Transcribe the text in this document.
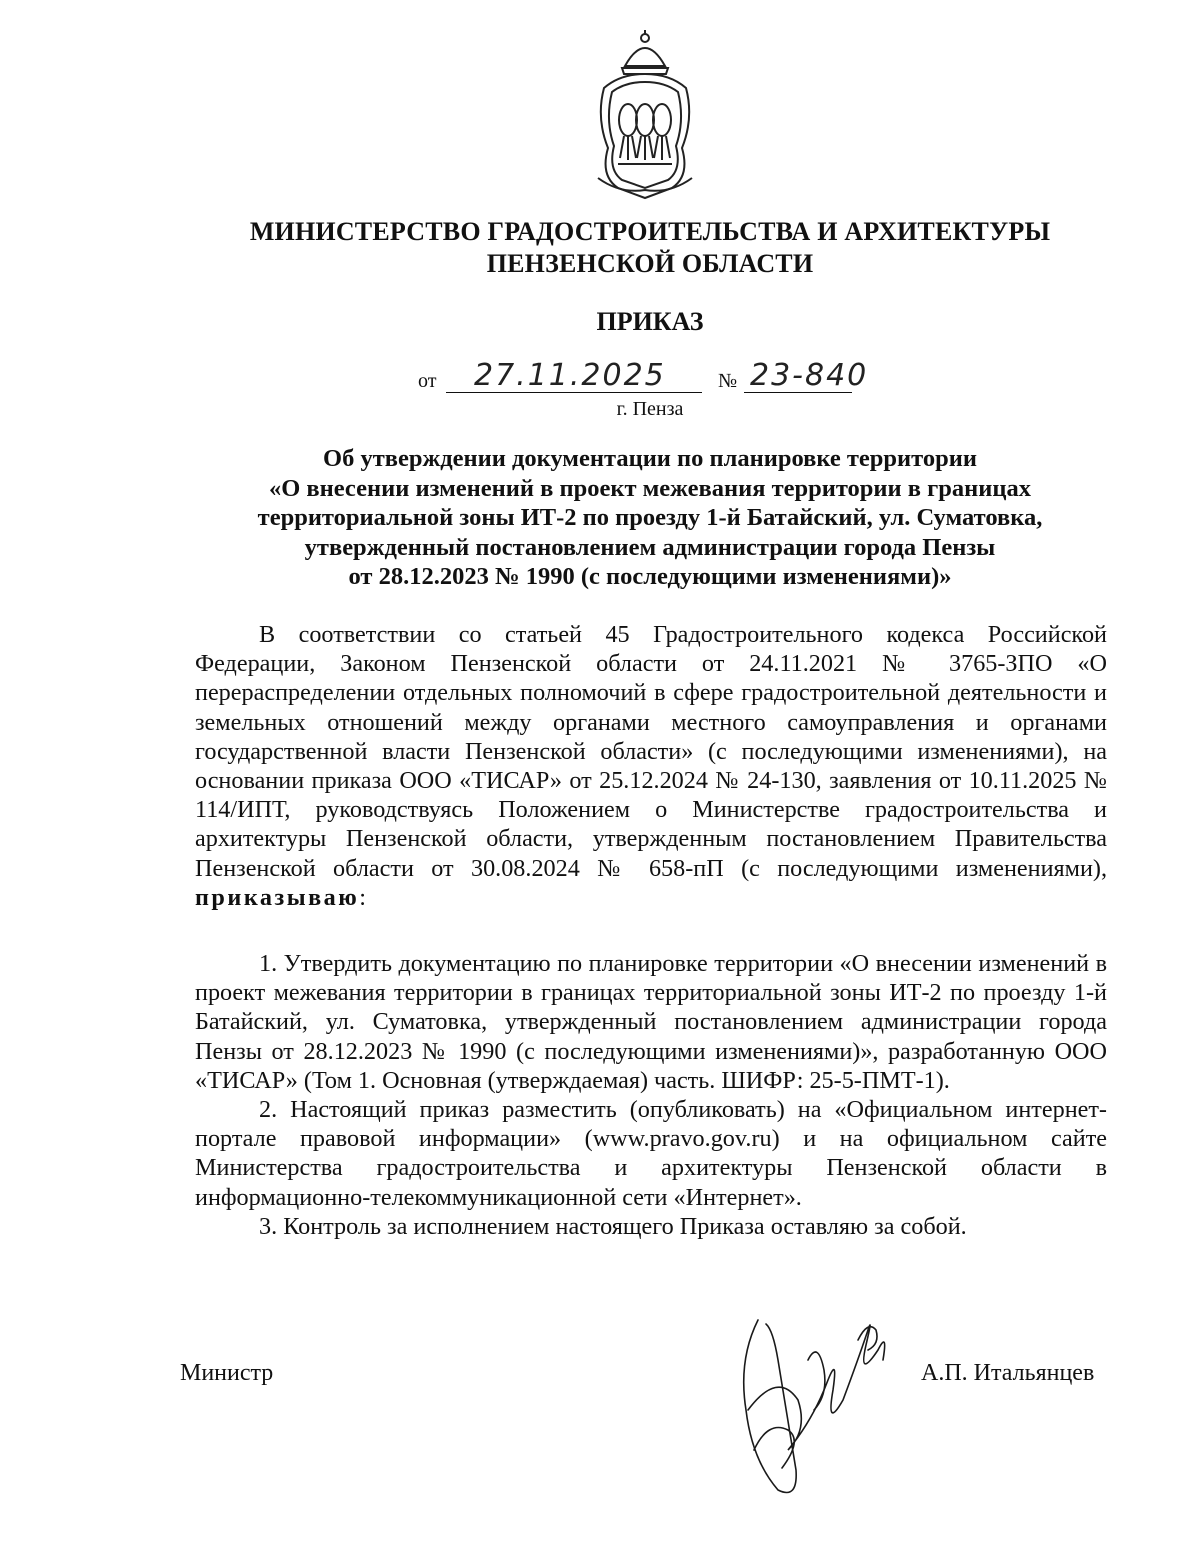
МИНИСТЕРСТВО ГРАДОСТРОИТЕЛЬСТВА И АРХИТЕКТУРЫ
ПЕНЗЕНСКОЙ ОБЛАСТИ
ПРИКАЗ
от 27.11.2025	№ 23-840
г. Пенза
Об утверждении документации по планировке территории
«О внесении изменений в проект межевания территории в границах
территориальной зоны ИТ-2 по проезду 1-й Батайский, ул. Суматовка,
утвержденный постановлением администрации города Пензы
от 28.12.2023 № 1990 (с последующими изменениями)»

В соответствии со статьей 45 Градостроительного кодекса Российской Федерации, Законом Пензенской области от 24.11.2021 № 3765-ЗПО «О перераспределении отдельных полномочий в сфере градостроительной деятельности и земельных отношений между органами местного самоуправления и органами государственной власти Пензенской области» (с последующими изменениями), на основании приказа ООО «ТИСАР» от 25.12.2024 № 24-130, заявления от 10.11.2025 № 114/ИПТ, руководствуясь Положением о Министерстве градостроительства и архитектуры Пензенской области, утвержденным постановлением Правительства Пензенской области от 30.08.2024 № 658-пП (с последующими изменениями), приказываю:

1. Утвердить документацию по планировке территории «О внесении изменений в проект межевания территории в границах территориальной зоны ИТ-2 по проезду 1-й Батайский, ул. Суматовка, утвержденный постановлением администрации города Пензы от 28.12.2023 № 1990 (с последующими изменениями)», разработанную ООО «ТИСАР» (Том 1. Основная (утверждаемая) часть. ШИФР: 25-5-ПМТ-1).

2. Настоящий приказ разместить (опубликовать) на «Официальном интернет-портале правовой информации» (www.pravo.gov.ru) и на официальном сайте Министерства градостроительства и архитектуры Пензенской области в информационно-телекоммуникационной сети «Интернет».

3. Контроль за исполнением настоящего Приказа оставляю за собой.

Министр	А.П. Итальянцев
